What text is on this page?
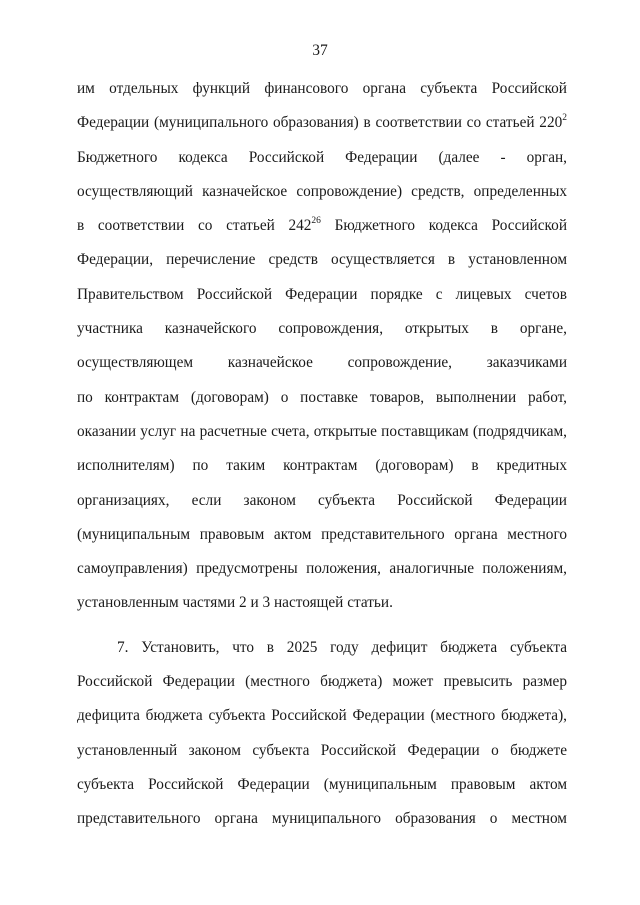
37
им отдельных функций финансового органа субъекта Российской
Федерации (муниципального образования) в соответствии со статьей $220^2$
Бюджетного кодекса Российской Федерации (далее - орган,
осуществляющий казначейское сопровождение) средств, определенных
в соответствии со статьей $242^{26}$ Бюджетного кодекса Российской
Федерации, перечисление средств осуществляется в установленном
Правительством Российской Федерации порядке с лицевых счетов
участника казначейского сопровождения, открытых в органе,
осуществляющем казначейское сопровождение, заказчиками
по контрактам (договорам) о поставке товаров, выполнении работ,
оказании услуг на расчетные счета, открытые поставщикам (подрядчикам,
исполнителям) по таким контрактам (договорам) в кредитных
организациях, если законом субъекта Российской Федерации
(муниципальным правовым актом представительного органа местного
самоуправления) предусмотрены положения, аналогичные положениям,
установленным частями 2 и 3 настоящей статьи.
7. Установить, что в 2025 году дефицит бюджета субъекта
Российской Федерации (местного бюджета) может превысить размер
дефицита бюджета субъекта Российской Федерации (местного бюджета),
установленный законом субъекта Российской Федерации о бюджете
субъекта Российской Федерации (муниципальным правовым актом
представительного органа муниципального образования о местном
